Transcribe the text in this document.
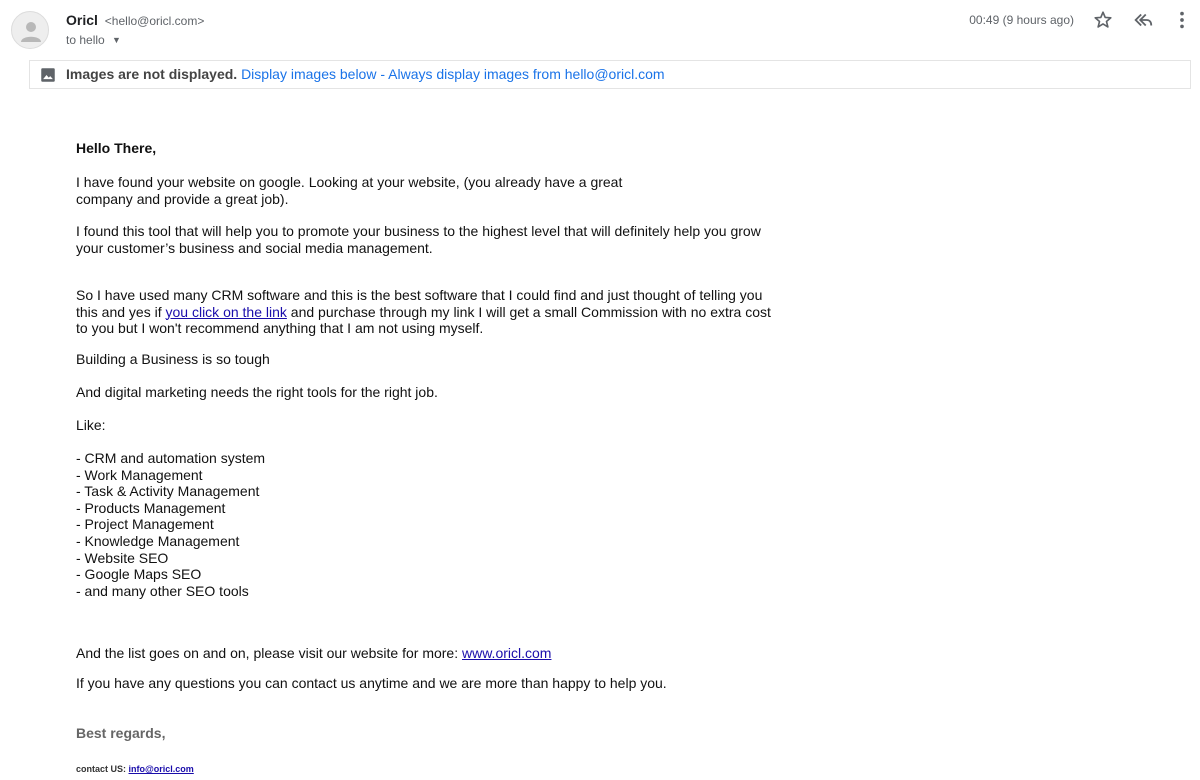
Oricl <hello@oricl.com>
to hello ▼
00:49 (9 hours ago)
Images are not displayed. Display images below - Always display images from hello@oricl.com

Hello There,

I have found your website on google. Looking at your website, (you already have a great company and provide a great job).

I found this tool that will help you to promote your business to the highest level that will definitely help you grow your customer’s business and social media management.

So I have used many CRM software and this is the best software that I could find and just thought of telling you this and yes if you click on the link and purchase through my link I will get a small Commission with no extra cost to you but I won't recommend anything that I am not using myself.

Building a Business is so tough

And digital marketing needs the right tools for the right job.

Like:

- CRM and automation system
- Work Management
- Task & Activity Management
- Products Management
- Project Management
- Knowledge Management
- Website SEO
- Google Maps SEO
- and many other SEO tools

And the list goes on and on, please visit our website for more: www.oricl.com

If you have any questions you can contact us anytime and we are more than happy to help you.

Best regards,

contact US: info@oricl.com
